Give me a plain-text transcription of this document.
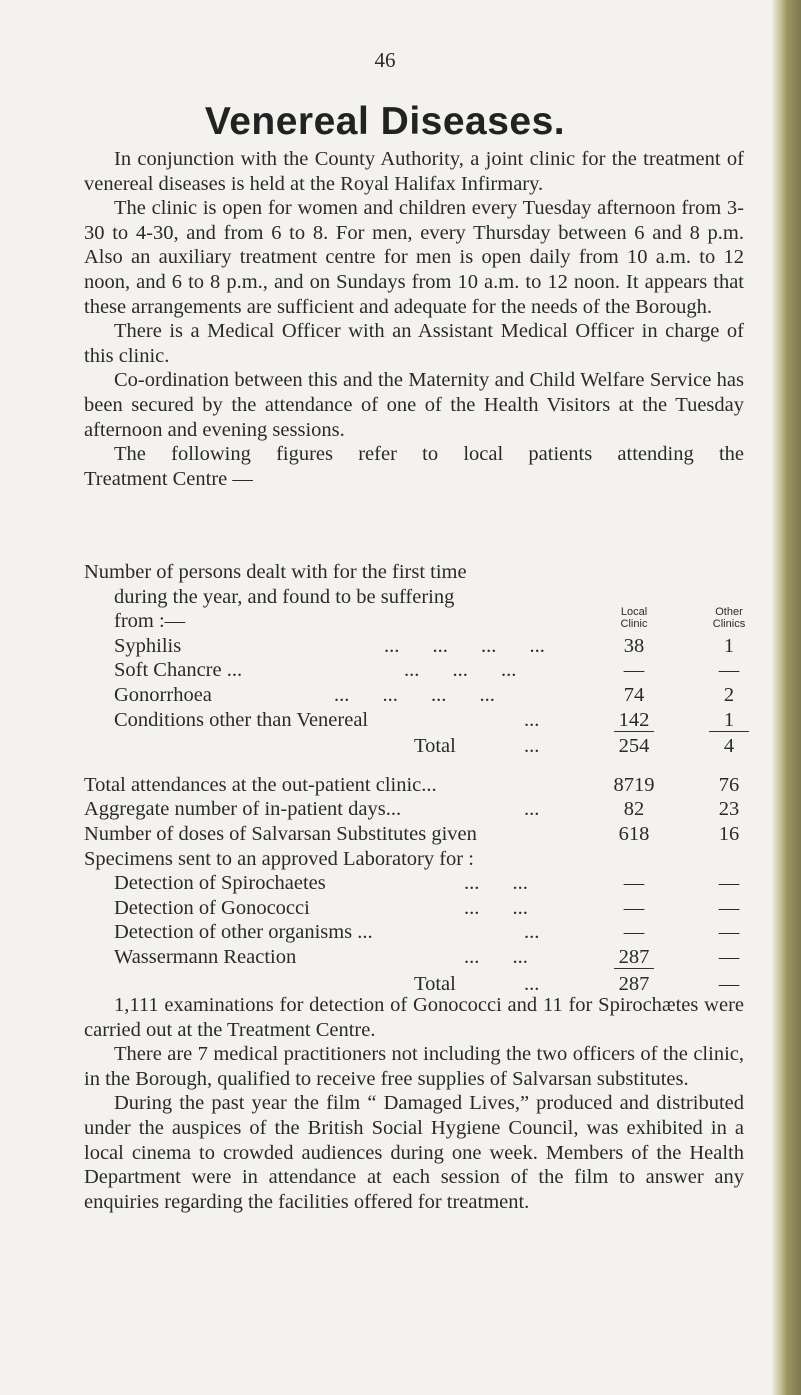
46
Venereal Diseases.

In conjunction with the County Authority, a joint clinic for the treatment of venereal diseases is held at the Royal Halifax Infirmary.

The clinic is open for women and children every Tuesday afternoon from 3-30 to 4-30, and from 6 to 8. For men, every Thursday between 6 and 8 p.m. Also an auxiliary treatment centre for men is open daily from 10 a.m. to 12 noon, and 6 to 8 p.m., and on Sundays from 10 a.m. to 12 noon. It appears that these arrangements are sufficient and adequate for the needs of the Borough.

There is a Medical Officer with an Assistant Medical Officer in charge of this clinic.

Co-ordination between this and the Maternity and Child Welfare Service has been secured by the attendance of one of the Health Visitors at the Tuesday afternoon and evening sessions.

The following figures refer to local patients attending the

Treatment Centre —

Number of persons dealt with for the first time
during the year, and found to be suffering
from :—	Local
Clinic
Other
Clinics
Syphilis	... ... ... ...	38	1
Soft Chancre ...	... ... ...	—	—
Gonorrhoea	... ... ... ...	74	2
Conditions other than Venereal	...	142	1
Total	...	254	4
Total attendances at the out-patient clinic...	8719	76
Aggregate number of in-patient days...	...	82	23
Number of doses of Salvarsan Substitutes given	618	16
Specimens sent to an approved Laboratory for :
Detection of Spirochaetes	... ...	—	—
Detection of Gonococci	... ...	—	—
Detection of other organisms ...	...	—	—
Wassermann Reaction	... ...	287	—
Total	...	287	—

1,111 examinations for detection of Gonococci and 11 for Spirochætes were carried out at the Treatment Centre.

There are 7 medical practitioners not including the two officers of the clinic, in the Borough, qualified to receive free supplies of Salvarsan substitutes.

During the past year the film “ Damaged Lives,” produced and distributed under the auspices of the British Social Hygiene Council, was exhibited in a local cinema to crowded audiences during one week. Members of the Health Department were in attendance at each session of the film to answer any enquiries regarding the facilities offered for treatment.
